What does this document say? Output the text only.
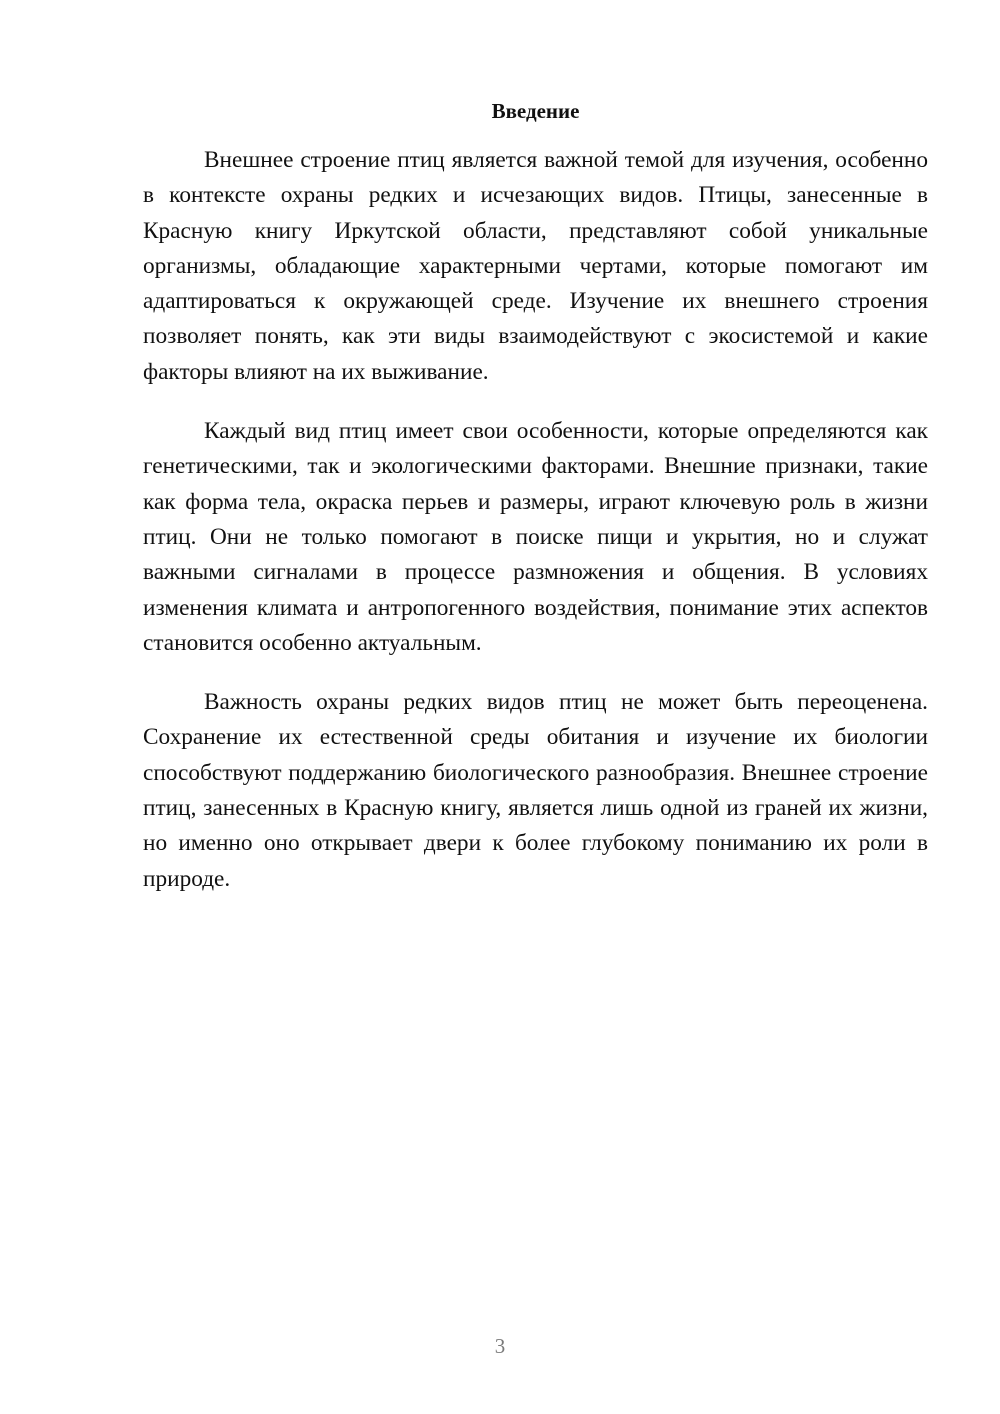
Введение

Внешнее строение птиц является важной темой для изучения, особенно в контексте охраны редких и исчезающих видов. Птицы, занесенные в Красную книгу Иркутской области, представляют собой уникальные организмы, обладающие характерными чертами, которые помогают им адаптироваться к окружающей среде. Изучение их внешнего строения позволяет понять, как эти виды взаимодействуют с экосистемой и какие факторы влияют на их выживание.

Каждый вид птиц имеет свои особенности, которые определяются как генетическими, так и экологическими факторами. Внешние признаки, такие как форма тела, окраска перьев и размеры, играют ключевую роль в жизни птиц. Они не только помогают в поиске пищи и укрытия, но и служат важными сигналами в процессе размножения и общения. В условиях изменения климата и антропогенного воздействия, понимание этих аспектов становится особенно актуальным.

Важность охраны редких видов птиц не может быть переоценена. Сохранение их естественной среды обитания и изучение их биологии способствуют поддержанию биологического разнообразия. Внешнее строение птиц, занесенных в Красную книгу, является лишь одной из граней их жизни, но именно оно открывает двери к более глубокому пониманию их роли в природе.

3
